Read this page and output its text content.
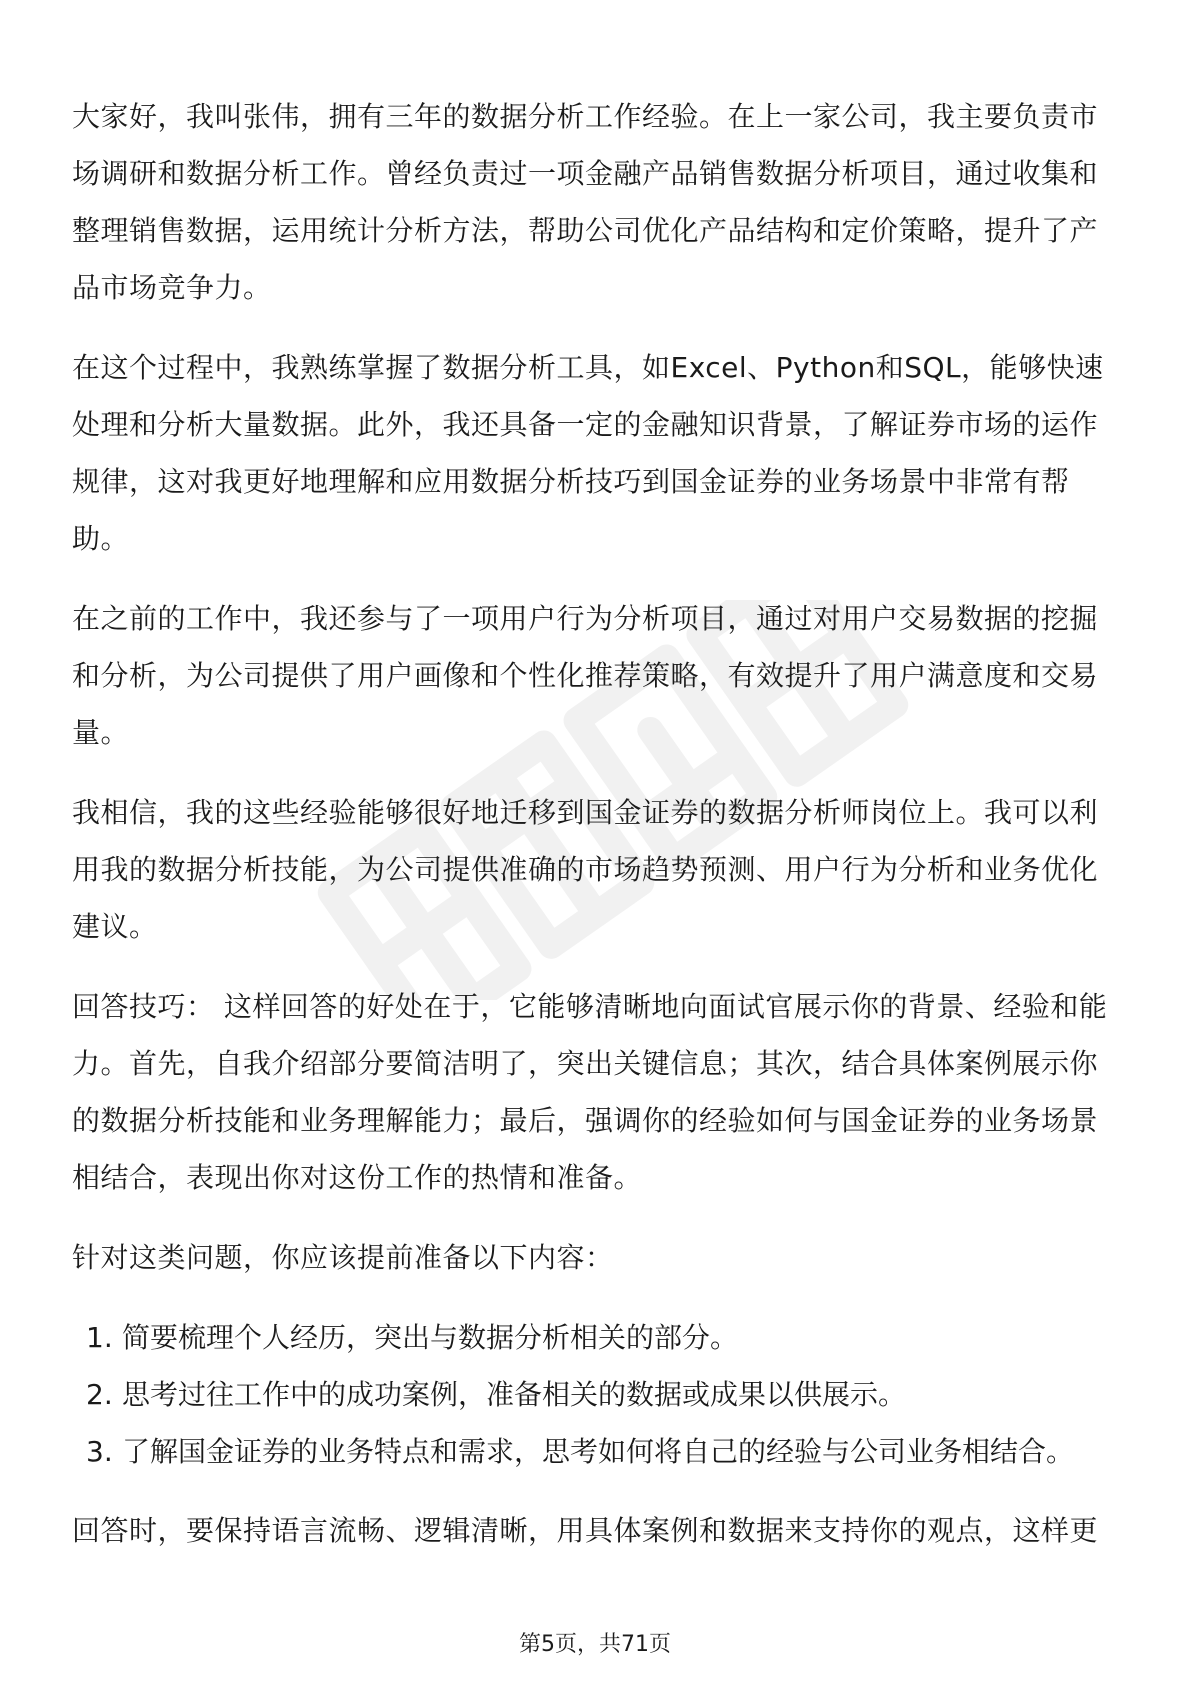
大家好，我叫张伟，拥有三年的数据分析工作经验。在上一家公司，我主要负责市场调研和数据分析工作。曾经负责过一项金融产品销售数据分析项目，通过收集和整理销售数据，运用统计分析方法，帮助公司优化产品结构和定价策略，提升了产品市场竞争力。

在这个过程中，我熟练掌握了数据分析工具，如Excel、Python和SQL，能够快速处理和分析大量数据。此外，我还具备一定的金融知识背景，了解证券市场的运作规律，这对我更好地理解和应用数据分析技巧到国金证券的业务场景中非常有帮助。

在之前的工作中，我还参与了一项用户行为分析项目，通过对用户交易数据的挖掘和分析，为公司提供了用户画像和个性化推荐策略，有效提升了用户满意度和交易量。

我相信，我的这些经验能够很好地迁移到国金证券的数据分析师岗位上。我可以利用我的数据分析技能，为公司提供准确的市场趋势预测、用户行为分析和业务优化建议。

回答技巧： 这样回答的好处在于，它能够清晰地向面试官展示你的背景、经验和能力。首先，自我介绍部分要简洁明了，突出关键信息；其次，结合具体案例展示你的数据分析技能和业务理解能力；最后，强调你的经验如何与国金证券的业务场景相结合，表现出你对这份工作的热情和准备。

针对这类问题，你应该提前准备以下内容：

1. 简要梳理个人经历，突出与数据分析相关的部分。
2. 思考过往工作中的成功案例，准备相关的数据或成果以供展示。
3. 了解国金证券的业务特点和需求，思考如何将自己的经验与公司业务相结合。

回答时，要保持语言流畅、逻辑清晰，用具体案例和数据来支持你的观点，这样更

第5页，共71页
